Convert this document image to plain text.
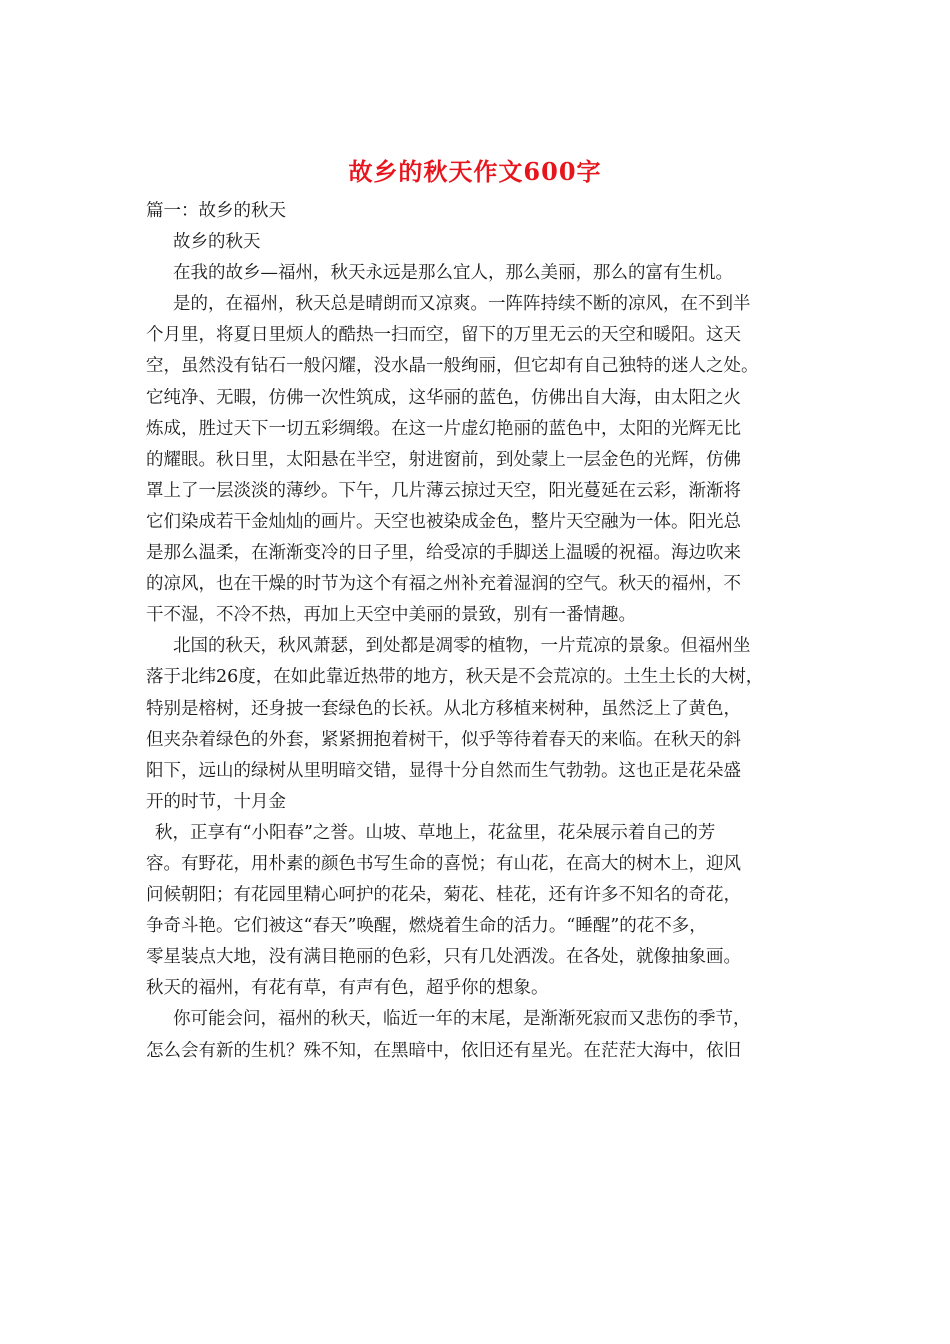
故乡的秋天作文600字
篇一：故乡的秋天
故乡的秋天
在我的故乡—福州，秋天永远是那么宜人，那么美丽，那么的富有生机。
是的，在福州，秋天总是晴朗而又凉爽。一阵阵持续不断的凉风，在不到半
个月里，将夏日里烦人的酷热一扫而空，留下的万里无云的天空和暖阳。这天
空，虽然没有钻石一般闪耀，没水晶一般绚丽，但它却有自己独特的迷人之处。
它纯净、无暇，仿佛一次性筑成，这华丽的蓝色，仿佛出自大海，由太阳之火
炼成，胜过天下一切五彩绸缎。在这一片虚幻艳丽的蓝色中，太阳的光辉无比
的耀眼。秋日里，太阳悬在半空，射进窗前，到处蒙上一层金色的光辉，仿佛
罩上了一层淡淡的薄纱。下午，几片薄云掠过天空，阳光蔓延在云彩，渐渐将
它们染成若干金灿灿的画片。天空也被染成金色，整片天空融为一体。阳光总
是那么温柔，在渐渐变冷的日子里，给受凉的手脚送上温暖的祝福。海边吹来
的凉风，也在干燥的时节为这个有福之州补充着湿润的空气。秋天的福州，不
干不湿，不冷不热，再加上天空中美丽的景致，别有一番情趣。
北国的秋天，秋风萧瑟，到处都是凋零的植物，一片荒凉的景象。但福州坐
落于北纬26度，在如此靠近热带的地方，秋天是不会荒凉的。土生土长的大树，
特别是榕树，还身披一套绿色的长袄。从北方移植来树种，虽然泛上了黄色，
但夹杂着绿色的外套，紧紧拥抱着树干，似乎等待着春天的来临。在秋天的斜
阳下，远山的绿树从里明暗交错，显得十分自然而生气勃勃。这也正是花朵盛
开的时节，十月金
秋，正享有“小阳春”之誉。山坡、草地上，花盆里，花朵展示着自己的芳
容。有野花，用朴素的颜色书写生命的喜悦；有山花，在高大的树木上，迎风
问候朝阳；有花园里精心呵护的花朵，菊花、桂花，还有许多不知名的奇花，
争奇斗艳。它们被这“春天”唤醒，燃烧着生命的活力。“睡醒”的花不多，
零星装点大地，没有满目艳丽的色彩，只有几处洒泼。在各处，就像抽象画。
秋天的福州，有花有草，有声有色，超乎你的想象。
你可能会问，福州的秋天，临近一年的末尾，是渐渐死寂而又悲伤的季节，
怎么会有新的生机？殊不知，在黑暗中，依旧还有星光。在茫茫大海中，依旧
